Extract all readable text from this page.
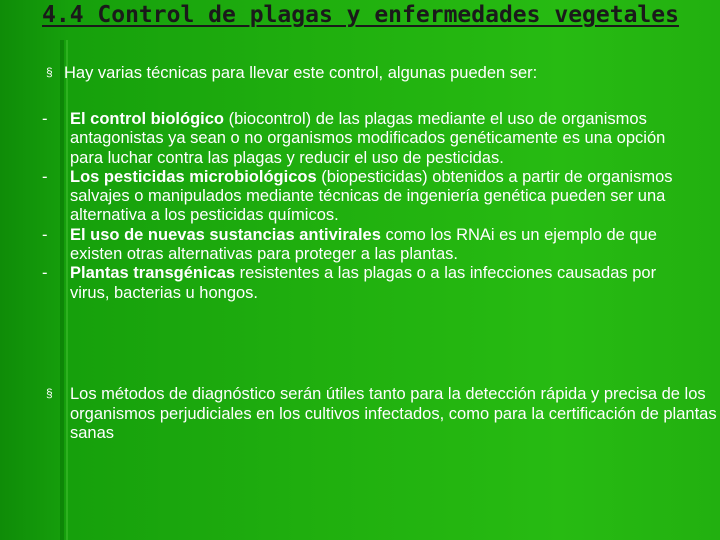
4.4 Control de plagas y enfermedades vegetales
§ Hay varias técnicas para llevar este control, algunas pueden ser:
-	El control biológico (biocontrol) de las plagas mediante el uso de organismos antagonistas ya sean o no organismos modificados genéticamente es una opción para luchar contra las plagas y reducir el uso de pesticidas.
-	Los pesticidas microbiológicos (biopesticidas) obtenidos a partir de organismos salvajes o manipulados mediante técnicas de ingeniería genética pueden ser una alternativa a los pesticidas químicos.
-	El uso de nuevas sustancias antivirales como los RNAi es un ejemplo de que existen otras alternativas para proteger a las plantas.
-	Plantas transgénicas resistentes a las plagas o a las infecciones causadas por virus, bacterias u hongos.
§ Los métodos de diagnóstico serán útiles tanto para la detección rápida y precisa de los organismos perjudiciales en los cultivos infectados, como para la certificación de plantas sanas
